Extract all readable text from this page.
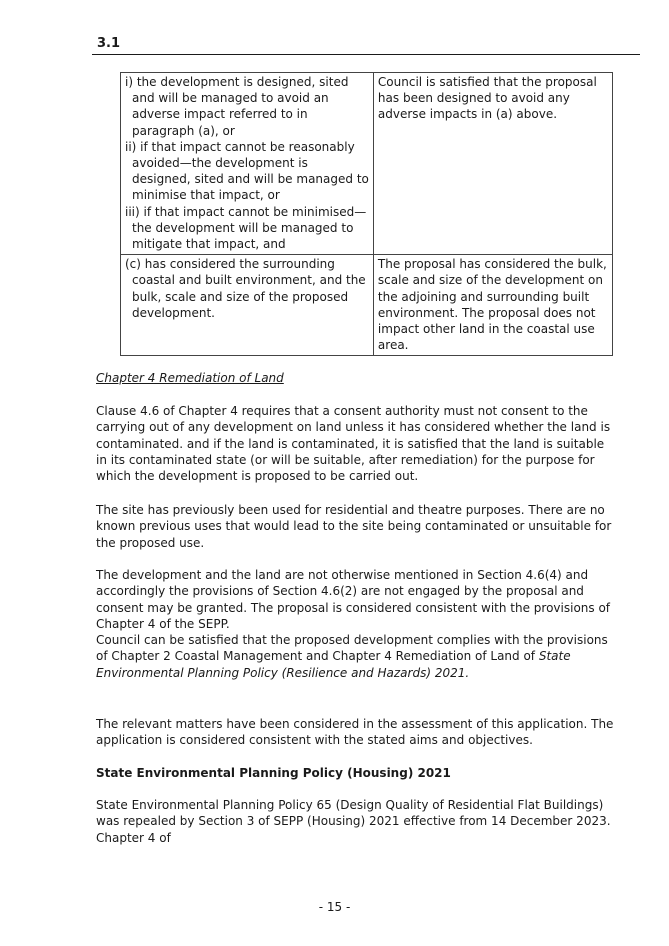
3.1
i) the development is designed, sited and will be managed to avoid an adverse impact referred to in paragraph (a), or
ii) if that impact cannot be reasonably avoided—the development is designed, sited and will be managed to minimise that impact, or
iii) if that impact cannot be minimised—the development will be managed to mitigate that impact, and	Council is satisfied that the proposal has been designed to avoid any adverse impacts in (a) above.

(c) has considered the surrounding coastal and built environment, and the bulk, scale and size of the proposed development.	The proposal has considered the bulk, scale and size of the development on the adjoining and surrounding built environment. The proposal does not impact other land in the coastal use area.

Chapter 4 Remediation of Land

Clause 4.6 of Chapter 4 requires that a consent authority must not consent to the carrying out of any development on land unless it has considered whether the land is contaminated. and if the land is contaminated, it is satisfied that the land is suitable in its contaminated state (or will be suitable, after remediation) for the purpose for which the development is proposed to be carried out.

The site has previously been used for residential and theatre purposes. There are no known previous uses that would lead to the site being contaminated or unsuitable for the proposed use.

The development and the land are not otherwise mentioned in Section 4.6(4) and accordingly the provisions of Section 4.6(2) are not engaged by the proposal and consent may be granted. The proposal is considered consistent with the provisions of Chapter 4 of the SEPP.

Council can be satisfied that the proposed development complies with the provisions of Chapter 2 Coastal Management and Chapter 4 Remediation of Land of State Environmental Planning Policy (Resilience and Hazards) 2021.

The relevant matters have been considered in the assessment of this application. The application is considered consistent with the stated aims and objectives.

State Environmental Planning Policy (Housing) 2021

State Environmental Planning Policy 65 (Design Quality of Residential Flat Buildings) was repealed by Section 3 of SEPP (Housing) 2021 effective from 14 December 2023. Chapter 4 of

- 15 -
